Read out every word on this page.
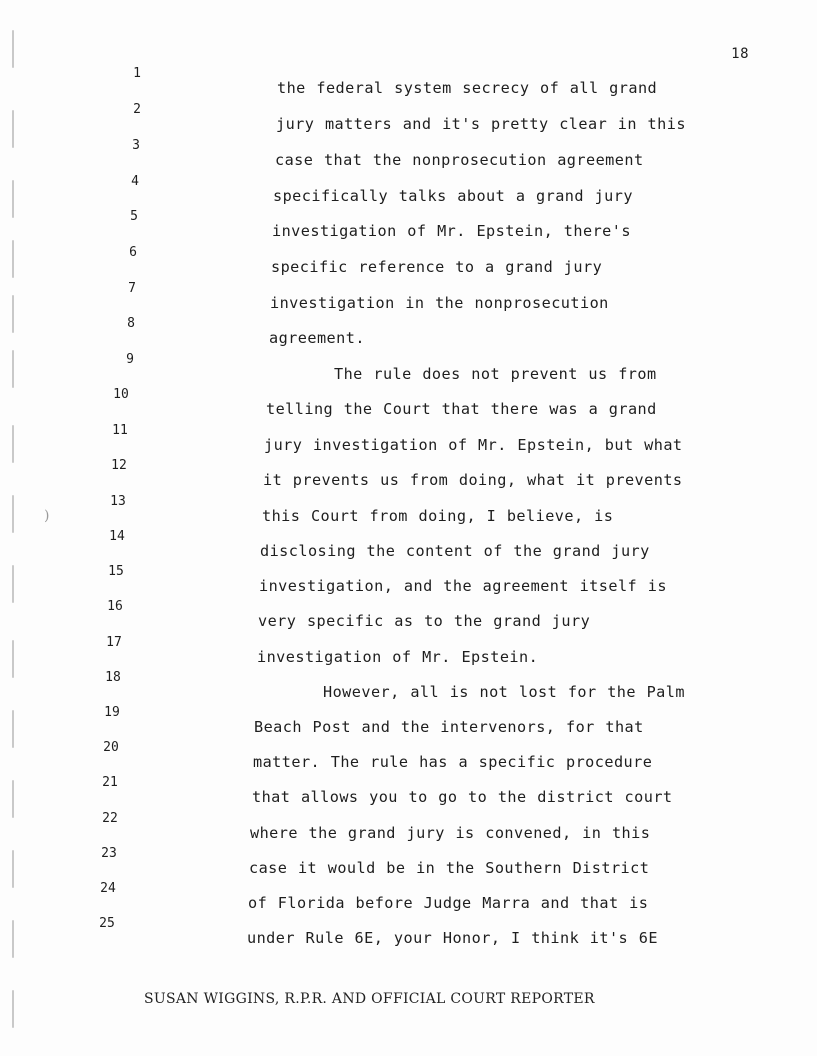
18
)
1
the federal system secrecy of all grand
2
jury matters and it's pretty clear in this
3
case that the nonprosecution agreement
4
specifically talks about a grand jury
5
investigation of Mr. Epstein, there's
6
specific reference to a grand jury
7
investigation in the nonprosecution
8
agreement.
9
The rule does not prevent us from
10
telling the Court that there was a grand
11
jury investigation of Mr. Epstein, but what
12
it prevents us from doing, what it prevents
13
this Court from doing, I believe, is
14
disclosing the content of the grand jury
15
investigation, and the agreement itself is
16
very specific as to the grand jury
17
investigation of Mr. Epstein.
18
However, all is not lost for the Palm
19
Beach Post and the intervenors, for that
20
matter. The rule has a specific procedure
21
that allows you to go to the district court
22
where the grand jury is convened, in this
23
case it would be in the Southern District
24
of Florida before Judge Marra and that is
25
under Rule 6E, your Honor, I think it's 6E
SUSAN WIGGINS, R.P.R. AND OFFICIAL COURT REPORTER
